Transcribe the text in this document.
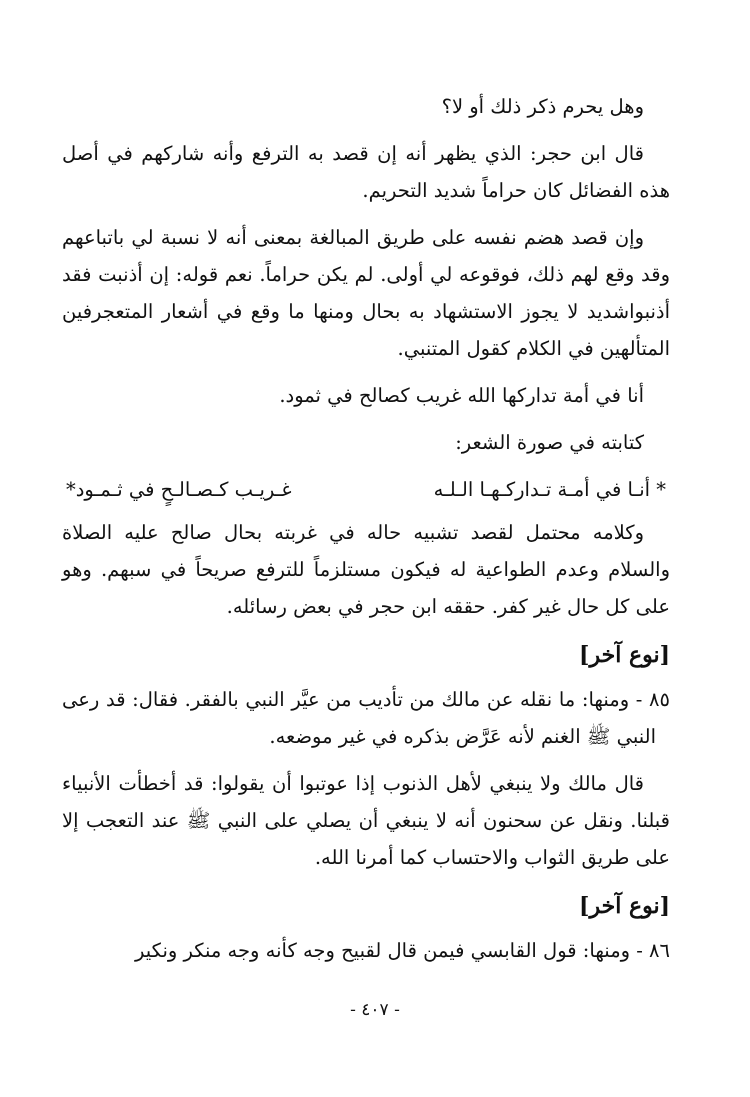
وهل يحرم ذكر ذلك أو لا؟

قال ابن حجر: الذي يظهر أنه إن قصد به الترفع وأنه شاركهم في أصل هذه الفضائل كان حراماً شديد التحريم.

وإن قصد هضم نفسه على طريق المبالغة بمعنى أنه لا نسبة لي باتباعهم وقد وقع لهم ذلك، فوقوعه لي أولى. لم يكن حراماً. نعم قوله: إن أذنبت فقد أذنبواشديد لا يجوز الاستشهاد به بحال ومنها ما وقع في أشعار المتعجرفين المتألهين في الكلام كقول المتنبي.

أنا في أمة تداركها الله غريب كصالح في ثمود.

كتابته في صورة الشعر:

* أنـا في أمـة تـداركـهـا الـلـه
غـريـب كـصـالـحٍ في ثـمـود*

وكلامه محتمل لقصد تشبيه حاله في غربته بحال صالح عليه الصلاة والسلام وعدم الطواعية له فيكون مستلزماً للترفع صريحاً في سبهم. وهو على كل حال غير كفر. حققه ابن حجر في بعض رسائله.

[نوع آخر]

٨٥ - ومنها: ما نقله عن مالك من تأديب من عيَّر النبي بالفقر. فقال: قد رعى النبي ﷺ الغنم لأنه عَرَّض بذكره في غير موضعه.

قال مالك ولا ينبغي لأهل الذنوب إذا عوتبوا أن يقولوا: قد أخطأت الأنبياء قبلنا. ونقل عن سحنون أنه لا ينبغي أن يصلي على النبي ﷺ عند التعجب إلا على طريق الثواب والاحتساب كما أمرنا الله.

[نوع آخر]

٨٦ - ومنها: قول القابسي فيمن قال لقبيح وجه كأنه وجه منكر ونكير

- ٤٠٧ -
